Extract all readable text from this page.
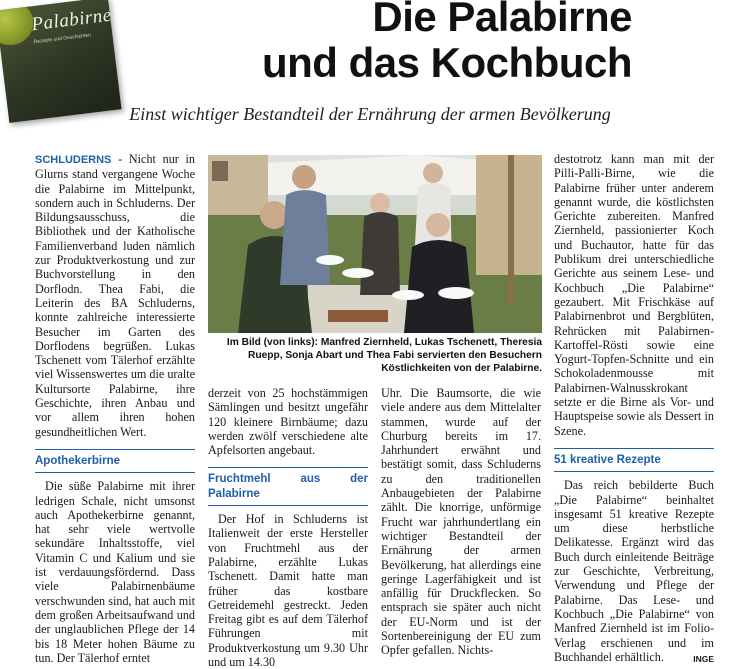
Palabirne
Rezepte und Geschichten	Die Palabirne
und das Kochbuch
Einst wichtiger Bestandteil der Ernährung der armen Bevölkerung

SCHLUDERNS - Nicht nur in Glurns stand vergangene Woche die Palabirne im Mittelpunkt, sondern auch in Schluderns. Der Bildungsausschuss, die Bibliothek und der Katholische Familienverband luden nämlich zur Produktverkostung und zur Buchvorstellung in den Dorflodn. Thea Fabi, die Leiterin des BA Schluderns, konnte zahlreiche interessierte Besucher im Garten des Dorflodens begrüßen. Lukas Tschenett vom Tälerhof erzählte viel Wissenswertes um die uralte Kultursorte Palabirne, ihre Geschichte, ihren Anbau und vor allem ihren hohen gesundheitlichen Wert.

Apothekerbirne

Die süße Palabirne mit ihrer ledrigen Schale, nicht umsonst auch Apothekerbirne genannt, hat sehr viele wertvolle sekundäre Inhaltsstoffe, viel Vitamin C und Kalium und sie ist verdauungsfördernd. Dass viele Palabirnenbäume verschwunden sind, hat auch mit dem großen Arbeitsaufwand und der unglaublichen Pflege der 14 bis 18 Meter hohen Bäume zu tun. Der Tälerhof erntet

Im Bild (von links): Manfred Ziernheld, Lukas Tschenett, Theresia Ruepp, Sonja Abart und Thea Fabi servierten den Besuchern Köstlichkeiten von der Palabirne.

derzeit von 25 hochstämmigen Sämlingen und besitzt ungefähr 120 kleinere Birnbäume; dazu werden zwölf verschiedene alte Apfelsorten angebaut.

Fruchtmehl aus der Palabirne

Der Hof in Schluderns ist Italienweit der erste Hersteller von Fruchtmehl aus der Palabirne, erzählte Lukas Tschenett. Damit hatte man früher das kostbare Getreidemehl gestreckt. Jeden Freitag gibt es auf dem Tälerhof Führungen mit Produktverkostung um 9.30 Uhr und um 14.30

Uhr. Die Baumsorte, die wie viele andere aus dem Mittelalter stammen, wurde auf der Churburg bereits im 17. Jahrhundert erwähnt und bestätigt somit, dass Schluderns zu den traditionellen Anbaugebieten der Palabirne zählt. Die knorrige, unförmige Frucht war jahrhundertlang ein wichtiger Bestandteil der Ernährung der armen Bevölkerung, hat allerdings eine geringe Lagerfähigkeit und ist anfällig für Druckflecken. So entsprach sie später auch nicht der EU-Norm und ist der Sortenbereinigung der EU zum Opfer gefallen. Nichts-

destotrotz kann man mit der Pilli-Palli-Birne, wie die Palabirne früher unter anderem genannt wurde, die köstlichsten Gerichte zubereiten. Manfred Ziernheld, passionierter Koch und Buchautor, hatte für das Publikum drei unterschiedliche Gerichte aus seinem Lese- und Kochbuch „Die Palabirne“ gezaubert. Mit Frischkäse auf Palabirnenbrot und Bergblüten, Rehrücken mit Palabirnen-Kartoffel-Rösti sowie eine Yogurt-Topfen-Schnitte und ein Schokoladenmousse mit Palabirnen-Walnusskrokant setzte er die Birne als Vor- und Hauptspeise sowie als Dessert in Szene.

51 kreative Rezepte

Das reich bebilderte Buch „Die Palabirne“ beinhaltet insgesamt 51 kreative Rezepte um diese herbstliche Delikatesse. Ergänzt wird das Buch durch einleitende Beiträge zur Geschichte, Verbreitung, Verwendung und Pflege der Palabirne. Das Lese- und Kochbuch „Die Palabirne“ von Manfred Ziernheld ist im Folio-Verlag erschienen und im Buchhandel erhältlich.	INGE
